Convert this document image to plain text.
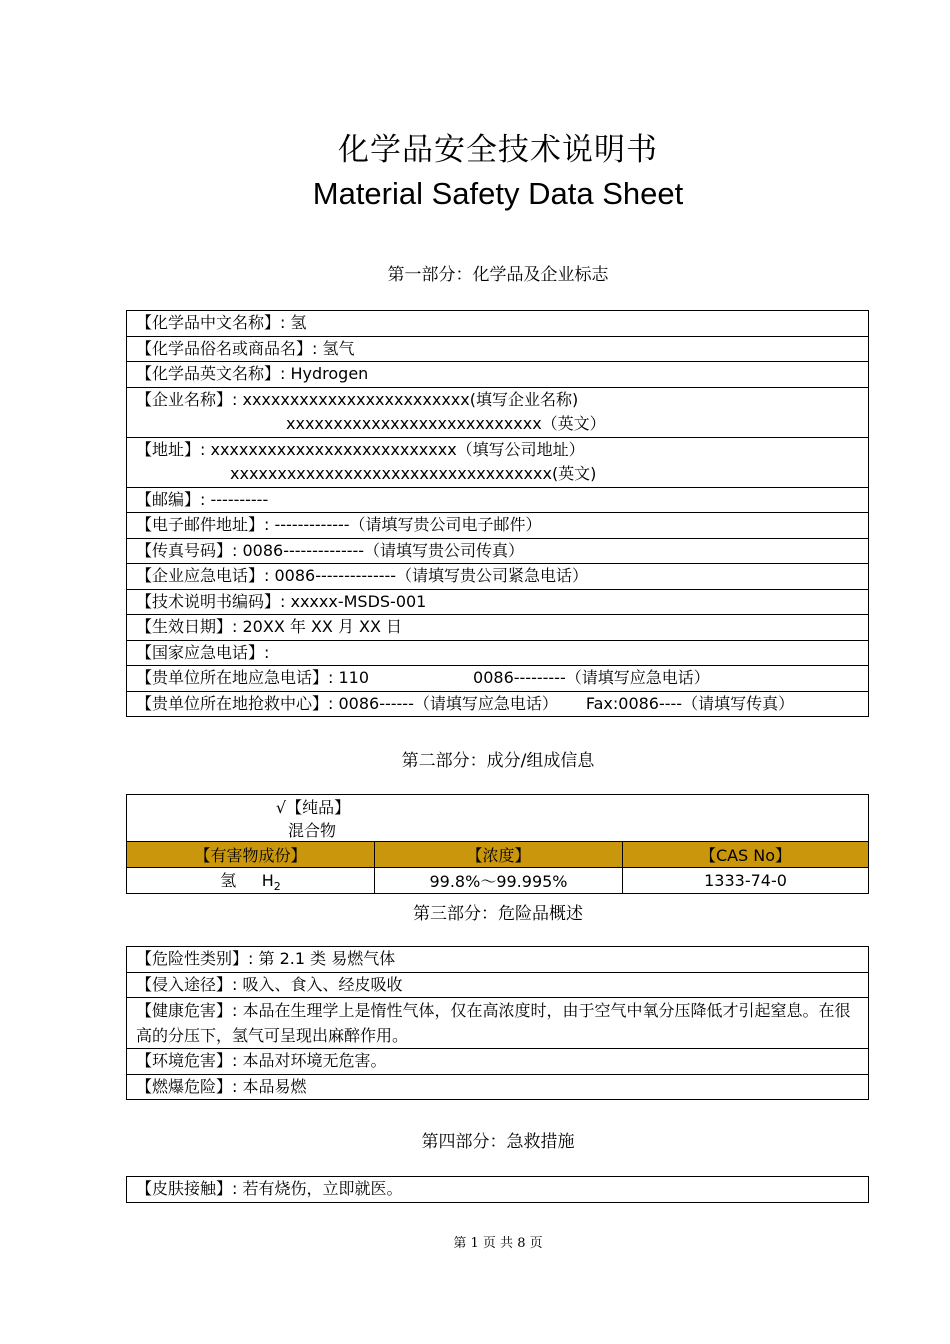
化学品安全技术说明书
Material Safety Data Sheet
第一部分：化学品及企业标志
【化学品中文名称】: 氢
【化学品俗名或商品名】: 氢气
【化学品英文名称】: Hydrogen
【企业名称】: xxxxxxxxxxxxxxxxxxxxxxxx(填写企业名称)
xxxxxxxxxxxxxxxxxxxxxxxxxxx（英文）
【地址】: xxxxxxxxxxxxxxxxxxxxxxxxxx（填写公司地址）
xxxxxxxxxxxxxxxxxxxxxxxxxxxxxxxxxx(英文)
【邮编】: ----------
【电子邮件地址】: -------------（请填写贵公司电子邮件）
【传真号码】: 0086--------------（请填写贵公司传真）
【企业应急电话】: 0086--------------（请填写贵公司紧急电话）
【技术说明书编码】: xxxxx-MSDS-001
【生效日期】: 20XX 年 XX 月 XX 日
【国家应急电话】:
【贵单位所在地应急电话】: 110	0086---------（请填写应急电话）
【贵单位所在地抢救中心】: 0086------（请填写应急电话） Fax:0086----（请填写传真）
第二部分：成分/组成信息
√【纯品】混合物		
【有害物成份】	【浓度】	【CAS No】
氢 $H_2$	99.8%～99.995%	1333-74-0
第三部分：危险品概述
【危险性类别】: 第 2.1 类 易燃气体
【侵入途径】: 吸入、食入、经皮吸收
【健康危害】: 本品在生理学上是惰性气体，仅在高浓度时，由于空气中氧分压降低才引起窒息。在很高的分压下，氢气可呈现出麻醉作用。
【环境危害】: 本品对环境无危害。
【燃爆危险】: 本品易燃
第四部分：急救措施
【皮肤接触】: 若有烧伤，立即就医。
第 1 页 共 8 页
